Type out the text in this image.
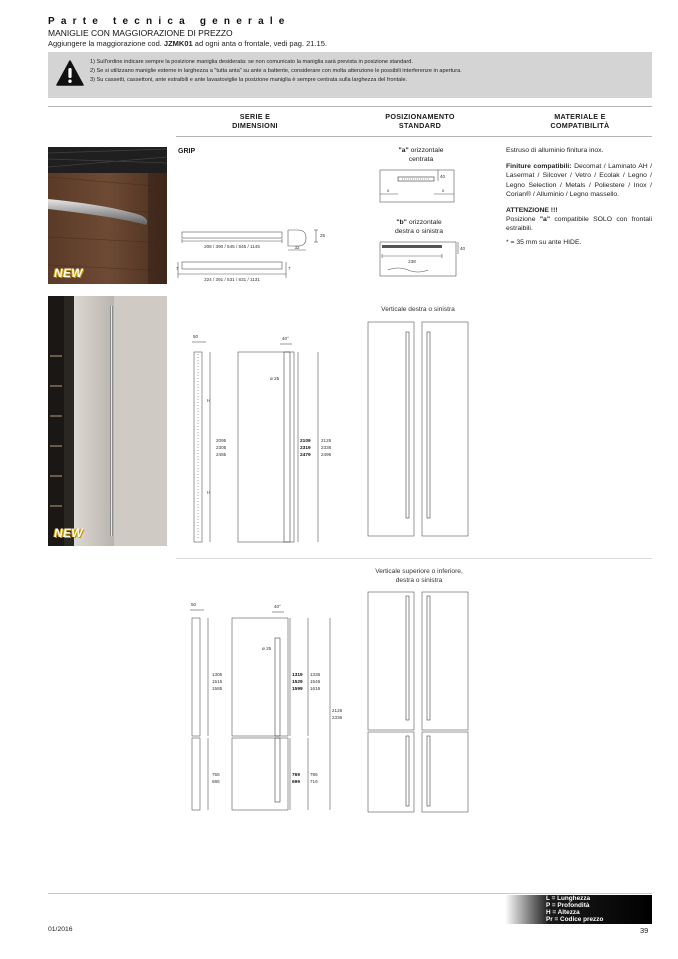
Parte tecnica generale
MANIGLIE CON MAGGIORAZIONE DI PREZZO
Aggiungere la maggiorazione cod. JZMK01 ad ogni anta o frontale, vedi pag. 21.15.
1) Sull'ordine indicare sempre la posizione maniglia desiderata: se non comunicato la maniglia sarà prevista in posizione standard.
2) Se si utilizzano maniglie esterne in larghezza a "tutta anta" su ante a battente, considerare con molta attenzione le possibili interferenze in apertura.
3) Su cassetti, cassettoni, ante estraibili e ante lavastoviglie la posizione maniglia è sempre centrata sulla larghezza del frontale.
SERIE E
DIMENSIONI
POSIZIONAMENTO
STANDARD
MATERIALE E
COMPATIBILITÀ
NEW
GRIP
208 / 390 / 545 / 845 / 1145	32
25
7	7
224 / 391 / 531 / 831 / 1131
"a" orizzontale
centrata
40
x	x
"b" orizzontale
destra o sinistra
238
40

Estruso di alluminio finitura inox.

Finiture compatibili: Decomat / Laminato AH / Lasermat / Silcover / Vetro / Ecolak / Legno / Legno Selection / Metals / Poliestere / Inox / Corian® / Alluminio / Legno massello.

ATTENZIONE !!!
Posizione "a" compatibile SOLO con frontali estraibili.

* = 35 mm su ante HIDE.

NEW
50
H
H
2095
2305
2485
40°
ø 25
2109
2319
2479
2126
2336
2496
Verticale destra o sinistra
50
1305
1515
1585
755
685
40°
ø 25
1319
1529
1599
769
699
1336
1546
1616
786
716
2126
2336
Verticale superiore o inferiore,
destra o sinistra
L = Lunghezza
P = Profondità
H = Altezza
Pr = Codice prezzo
01/2016	39
